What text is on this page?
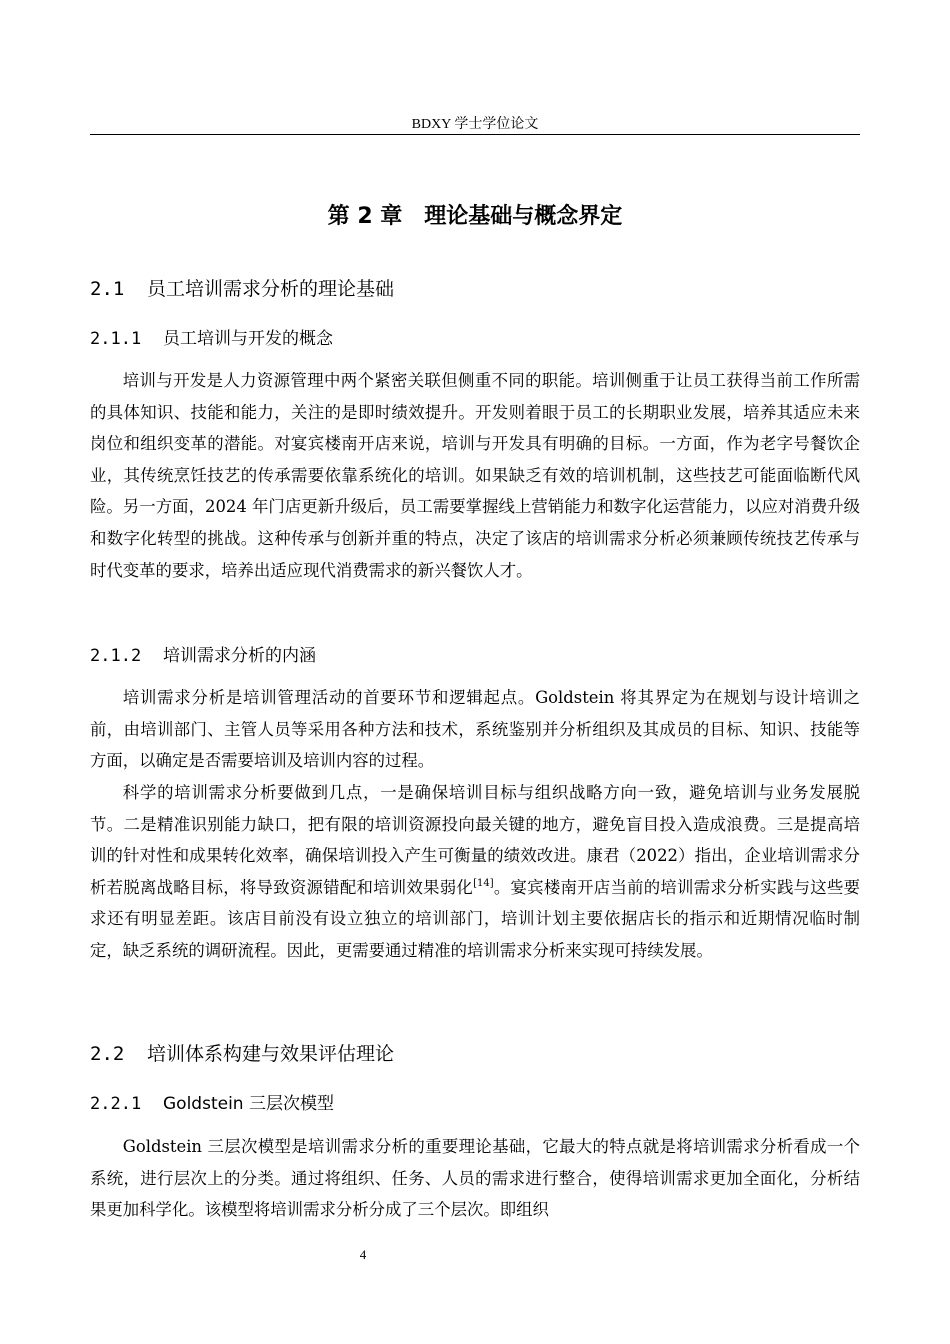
BDXY 学士学位论文
第 2 章　理论基础与概念界定
2.1 员工培训需求分析的理论基础
2.1.1 员工培训与开发的概念

培训与开发是人力资源管理中两个紧密关联但侧重不同的职能。培训侧重于让员工获得当前工作所需的具体知识、技能和能力，关注的是即时绩效提升。开发则着眼于员工的长期职业发展，培养其适应未来岗位和组织变革的潜能。对宴宾楼南开店来说，培训与开发具有明确的目标。一方面，作为老字号餐饮企业，其传统烹饪技艺的传承需要依靠系统化的培训。如果缺乏有效的培训机制，这些技艺可能面临断代风险。另一方面，2024 年门店更新升级后，员工需要掌握线上营销能力和数字化运营能力，以应对消费升级和数字化转型的挑战。这种传承与创新并重的特点，决定了该店的培训需求分析必须兼顾传统技艺传承与时代变革的要求，培养出适应现代消费需求的新兴餐饮人才。

2.1.2 培训需求分析的内涵

培训需求分析是培训管理活动的首要环节和逻辑起点。Goldstein 将其界定为在规划与设计培训之前，由培训部门、主管人员等采用各种方法和技术，系统鉴别并分析组织及其成员的目标、知识、技能等方面，以确定是否需要培训及培训内容的过程。

科学的培训需求分析要做到几点，一是确保培训目标与组织战略方向一致，避免培训与业务发展脱节。二是精准识别能力缺口，把有限的培训资源投向最关键的地方，避免盲目投入造成浪费。三是提高培训的针对性和成果转化效率，确保培训投入产生可衡量的绩效改进。康君（2022）指出，企业培训需求分析若脱离战略目标，将导致资源错配和培训效果弱化[14]。宴宾楼南开店当前的培训需求分析实践与这些要求还有明显差距。该店目前没有设立独立的培训部门，培训计划主要依据店长的指示和近期情况临时制定，缺乏系统的调研流程。因此，更需要通过精准的培训需求分析来实现可持续发展。

2.2 培训体系构建与效果评估理论
2.2.1 Goldstein 三层次模型

Goldstein 三层次模型是培训需求分析的重要理论基础，它最大的特点就是将培训需求分析看成一个系统，进行层次上的分类。通过将组织、任务、人员的需求进行整合，使得培训需求更加全面化，分析结果更加科学化。该模型将培训需求分析分成了三个层次。即组织

4
